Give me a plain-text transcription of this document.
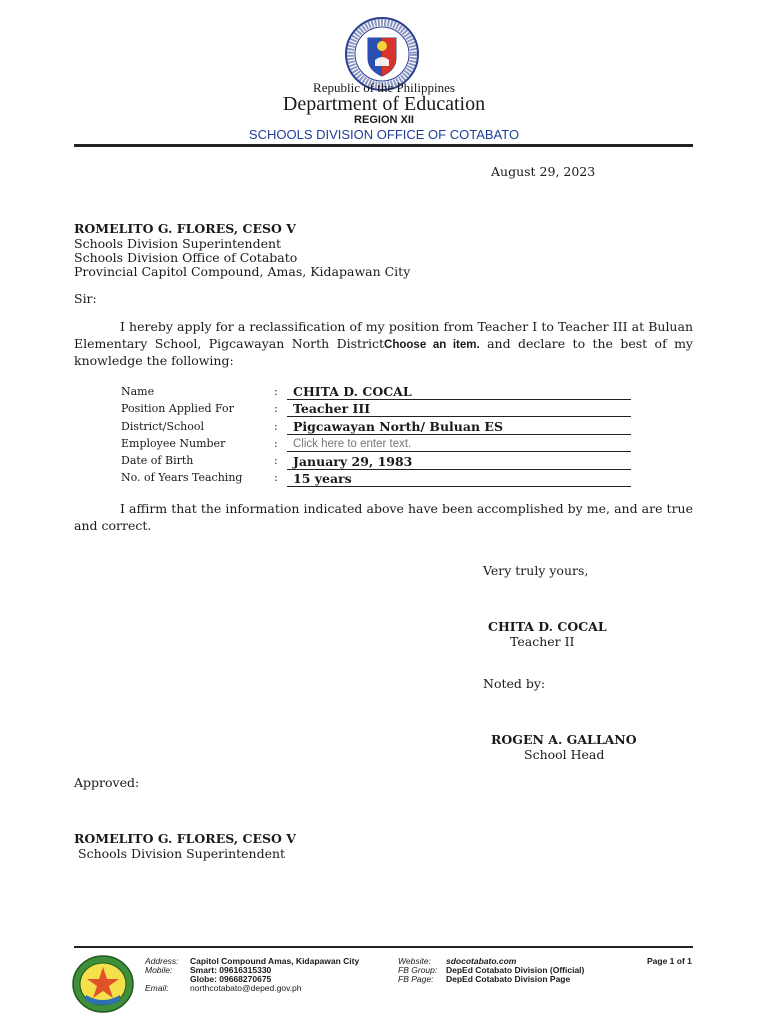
Republic of the Philippines
Department of Education
REGION XII
SCHOOLS DIVISION OFFICE OF COTABATO
August 29, 2023
ROMELITO G. FLORES, CESO V
Schools Division Superintendent
Schools Division Office of Cotabato
Provincial Capitol Compound, Amas, Kidapawan City
Sir:
I hereby apply for a reclassification of my position from Teacher I to Teacher III at Buluan Elementary School, Pigcawayan North DistrictChoose an item. and declare to the best of my knowledge the following:
Name	:	CHITA D. COCAL
Position Applied For	:	Teacher III
District/School	:	Pigcawayan North/ Buluan ES
Employee Number	:	Click here to enter text.
Date of Birth	:	January 29, 1983
No. of Years Teaching	:	15 years
I affirm that the information indicated above have been accomplished by me, and are true and correct.
Very truly yours,
CHITA D. COCAL
Teacher II
Noted by:
ROGEN A. GALLANO
School Head
Approved:
ROMELITO G. FLORES, CESO V
Schools Division Superintendent
Address: Capitol Compound Amas, Kidapawan City
Mobile: Smart: 09616315330
Globe: 09668270675
Email:	northcotabato@deped.gov.ph
Website: sdocotabato.com
FB Group: DepEd Cotabato Division (Official)
FB Page: DepEd Cotabato Division Page
Page 1 of 1
